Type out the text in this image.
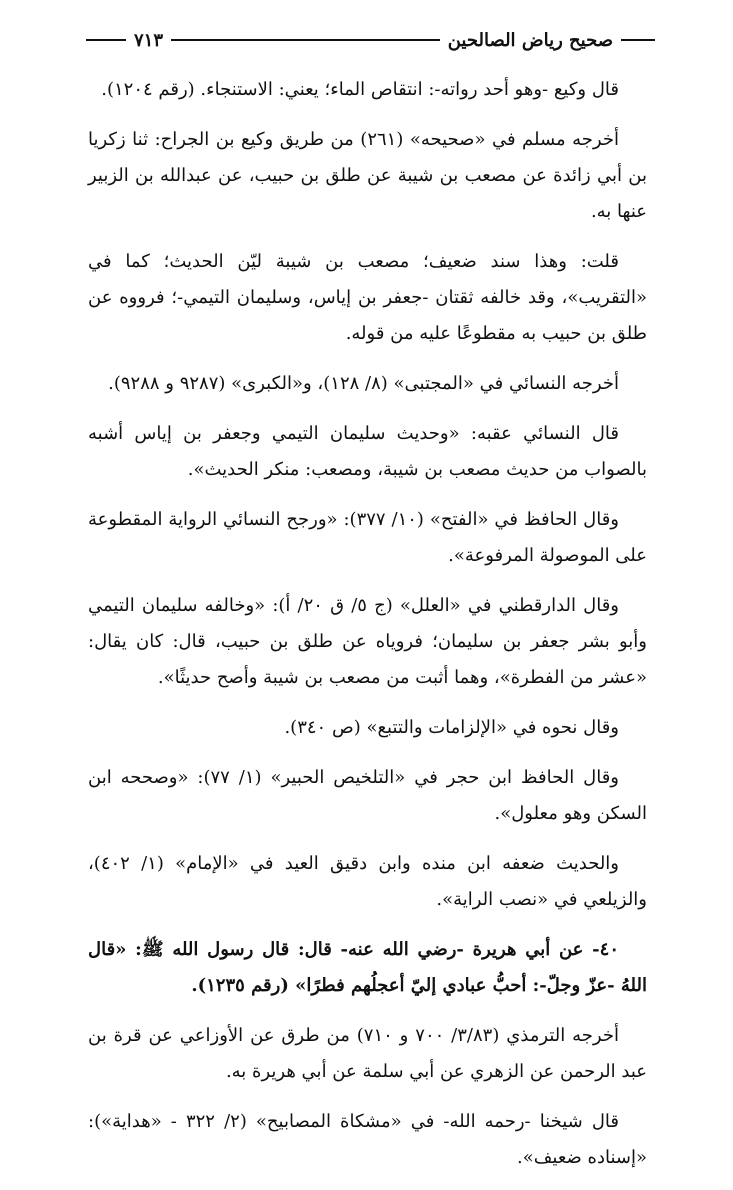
صحيح رياض الصالحين
٧١٣

قال وكيع -وهو أحد رواته-: انتقاص الماء؛ يعني: الاستنجاء. (رقم ١٢٠٤).

أخرجه مسلم في «صحيحه» (٢٦١) من طريق وكيع بن الجراح: ثنا زكريا بن أبي زائدة عن مصعب بن شيبة عن طلق بن حبيب، عن عبدالله بن الزبير عنها به.

قلت: وهذا سند ضعيف؛ مصعب بن شيبة ليّن الحديث؛ كما في «التقريب»، وقد خالفه ثقتان -جعفر بن إياس، وسليمان التيمي-؛ فرووه عن طلق بن حبيب به مقطوعًا عليه من قوله.

أخرجه النسائي في «المجتبى» (٨/ ١٢٨)، و«الكبرى» (٩٢٨٧ و ٩٢٨٨).

قال النسائي عقبه: «وحديث سليمان التيمي وجعفر بن إياس أشبه بالصواب من حديث مصعب بن شيبة، ومصعب: منكر الحديث».

وقال الحافظ في «الفتح» (١٠/ ٣٧٧): «ورجح النسائي الرواية المقطوعة على الموصولة المرفوعة».

وقال الدارقطني في «العلل» (ج ٥/ ق ٢٠/ أ): «وخالفه سليمان التيمي وأبو بشر جعفر بن سليمان؛ فروياه عن طلق بن حبيب، قال: كان يقال: «عشر من الفطرة»، وهما أثبت من مصعب بن شيبة وأصح حديثًا».

وقال نحوه في «الإلزامات والتتبع» (ص ٣٤٠).

وقال الحافظ ابن حجر في «التلخيص الحبير» (١/ ٧٧): «وصححه ابن السكن وهو معلول».

والحديث ضعفه ابن منده وابن دقيق العيد في «الإمام» (١/ ٤٠٢)، والزيلعي في «نصب الراية».

٤٠- عن أبي هريرة -رضي الله عنه- قال: قال رسول الله ﷺ: «قال اللهُ -عزّ وجلّ-: أحبُّ عبادي إليّ أعجلُهم فطرًا» (رقم ١٢٣٥).

أخرجه الترمذي (٣/٨٣/ ٧٠٠ و ٧١٠) من طرق عن الأوزاعي عن قرة بن عبد الرحمن عن الزهري عن أبي سلمة عن أبي هريرة به.

قال شيخنا -رحمه الله- في «مشكاة المصابيح» (٢/ ٣٢٢ - «هداية»): «إسناده ضعيف».
